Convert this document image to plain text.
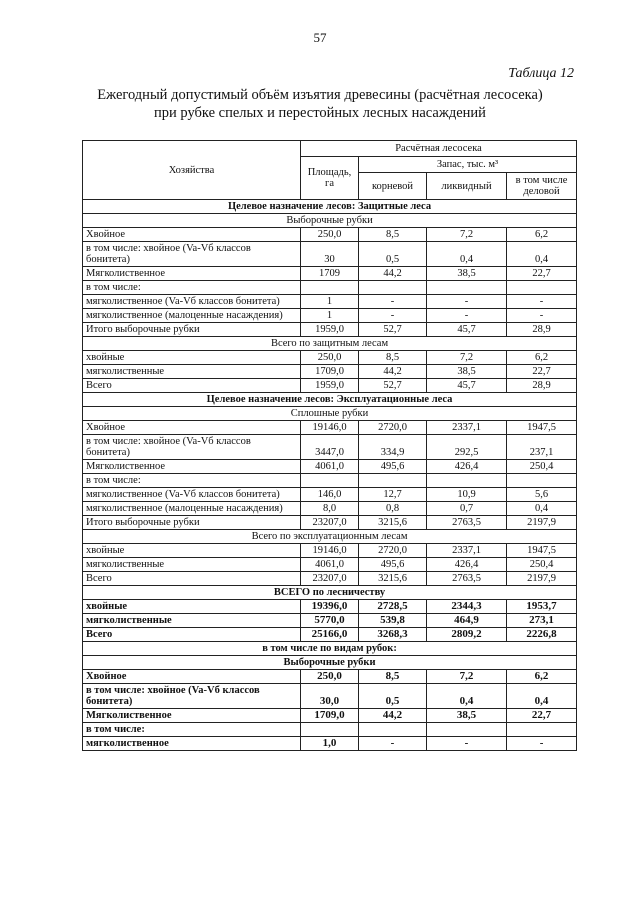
57
Таблица 12
Ежегодный допустимый объём изъятия древесины (расчётная лесосека)
при рубке спелых и перестойных лесных насаждений
Хозяйства	Расчётная лесосека			
	Площадь, га	Запас, тыс. м³		
		корневой	ликвидный	в том числе деловой
Целевое назначение лесов: Защитные леса				
Выборочные рубки				
Хвойное	250,0	8,5	7,2	6,2
в том числе: хвойное (Va-Vб классов бонитета)	30	0,5	0,4	0,4
Мягколиственное	1709	44,2	38,5	22,7
в том числе:				
мягколиственное (Va-Vб классов бонитета)	1	-	-	-
мягколиственное (малоценные насаждения)	1	-	-	-
Итого выборочные рубки	1959,0	52,7	45,7	28,9
Всего по защитным лесам				
хвойные	250,0	8,5	7,2	6,2
мягколиственные	1709,0	44,2	38,5	22,7
Всего	1959,0	52,7	45,7	28,9
Целевое назначение лесов: Эксплуатационные леса				
Сплошные рубки				
Хвойное	19146,0	2720,0	2337,1	1947,5
в том числе: хвойное (Va-Vб классов бонитета)	3447,0	334,9	292,5	237,1
Мягколиственное	4061,0	495,6	426,4	250,4
в том числе:				
мягколиственное (Va-Vб классов бонитета)	146,0	12,7	10,9	5,6
мягколиственное (малоценные насаждения)	8,0	0,8	0,7	0,4
Итого выборочные рубки	23207,0	3215,6	2763,5	2197,9
Всего по эксплуатационным лесам				
хвойные	19146,0	2720,0	2337,1	1947,5
мягколиственные	4061,0	495,6	426,4	250,4
Всего	23207,0	3215,6	2763,5	2197,9
ВСЕГО по лесничеству				
хвойные	19396,0	2728,5	2344,3	1953,7
мягколиственные	5770,0	539,8	464,9	273,1
Всего	25166,0	3268,3	2809,2	2226,8
в том числе по видам рубок:				
Выборочные рубки				
Хвойное	250,0	8,5	7,2	6,2
в том числе: хвойное (Va-Vб классов бонитета)	30,0	0,5	0,4	0,4
Мягколиственное	1709,0	44,2	38,5	22,7
в том числе:				
мягколиственное	1,0	-	-	-
